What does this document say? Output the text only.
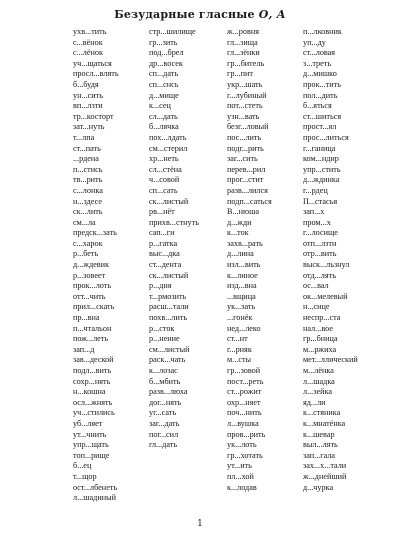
Безударные гласные О, А
ухв...тить
с...вёнок
с...лёнок
уч...щаться
просл...влять
б...будя
ун...сить
вп...лзти
тр...косторт
зат...нуть
т...лпа
ст...пать
...рдена
п...стись
тв...рить
с...лонка
н...здесе
ск...лить
см...ла
предск...зать
с...харок
р...беть
д...ждевик
р...зовеет
прок...лоть
отт...чить
прил...скать
пр...вна
п...чтальон
пож...леть
зап...д
зав...деской
подл...вить
сохр...нять
н...кошна
осл...жнять
уч...стились
уб...ляет
ут...чнить
упр...щать
топ...рище
б...ец
т...щор
ост...лбенеть
л...шадиный
стр...шилище
гр...зить
под...брел
др...восек
сп...дать
сп...снсь
д...мище
к...сец
сл...дать
б...лячка
пох...лдать
см...стерил
хр...неть
сл...стёна
ч...совой
сп...сать
ск...листый
рв...нёт
прихв...стнуть
сап...ги
р...гатка
выс...дка
ст...дента
ск...листый
р...дня
т...рмозить
расш...тали
похв...лить
р...сток
р...нение
см...листый
раск...чать
к...лозас
б...мбить
разв...люха
дог...нять
уг...сать
заг...дать
пог...сил
гл...дать
ж...ровня
гл...зища
гл...зёнки
гр...битель
гр...пит
укр...шать
г...лубиный
пот...стеть
узн...вать
безг...ловый
пос...лить
подг...рить
заг...сить
перев...рил
прог...стит
разв...лился
подп...саться
В...нюша
д...жди
к...ток
захв...рать
д...лина
изл...вить
к...линое
изд...вна
...вщица
ук...зать
...гонёк
нед...леко
ст...нт
г...рняк
м...сты
гр...зовой
пост...реть
ст...рожит
охр...няет
поч...нить
л...вушка
пров...рить
ук...лоть
гр...хотать
ут...ить
пл...хой
к...лодав
п...лковник
уп...ду
ст...ловая
з...треть
д...мишко
прок...тить
пол...дить
б...яться
ст...шиться
прост...ял
прос...литься
г...ганица
ком...ндир
упр...стить
д...ждинка
г...рдец
П...стасья
зап...х
пром...х
г...лосище
отп...лзти
отр...вить
выск...льзнул
отд...лять
ос...вал
ок...мелевый
н...сице
неспр...ста
нал...вое
гр...бница
м...ржиха
мет...ллический
м...лёнка
л...шадка
л...зейка
яд...ли
к...стяника
к...мнатёнка
к...шевар
выл...лять
зап...гала
зах...х...тали
ж...днейший
д...чурка
1
